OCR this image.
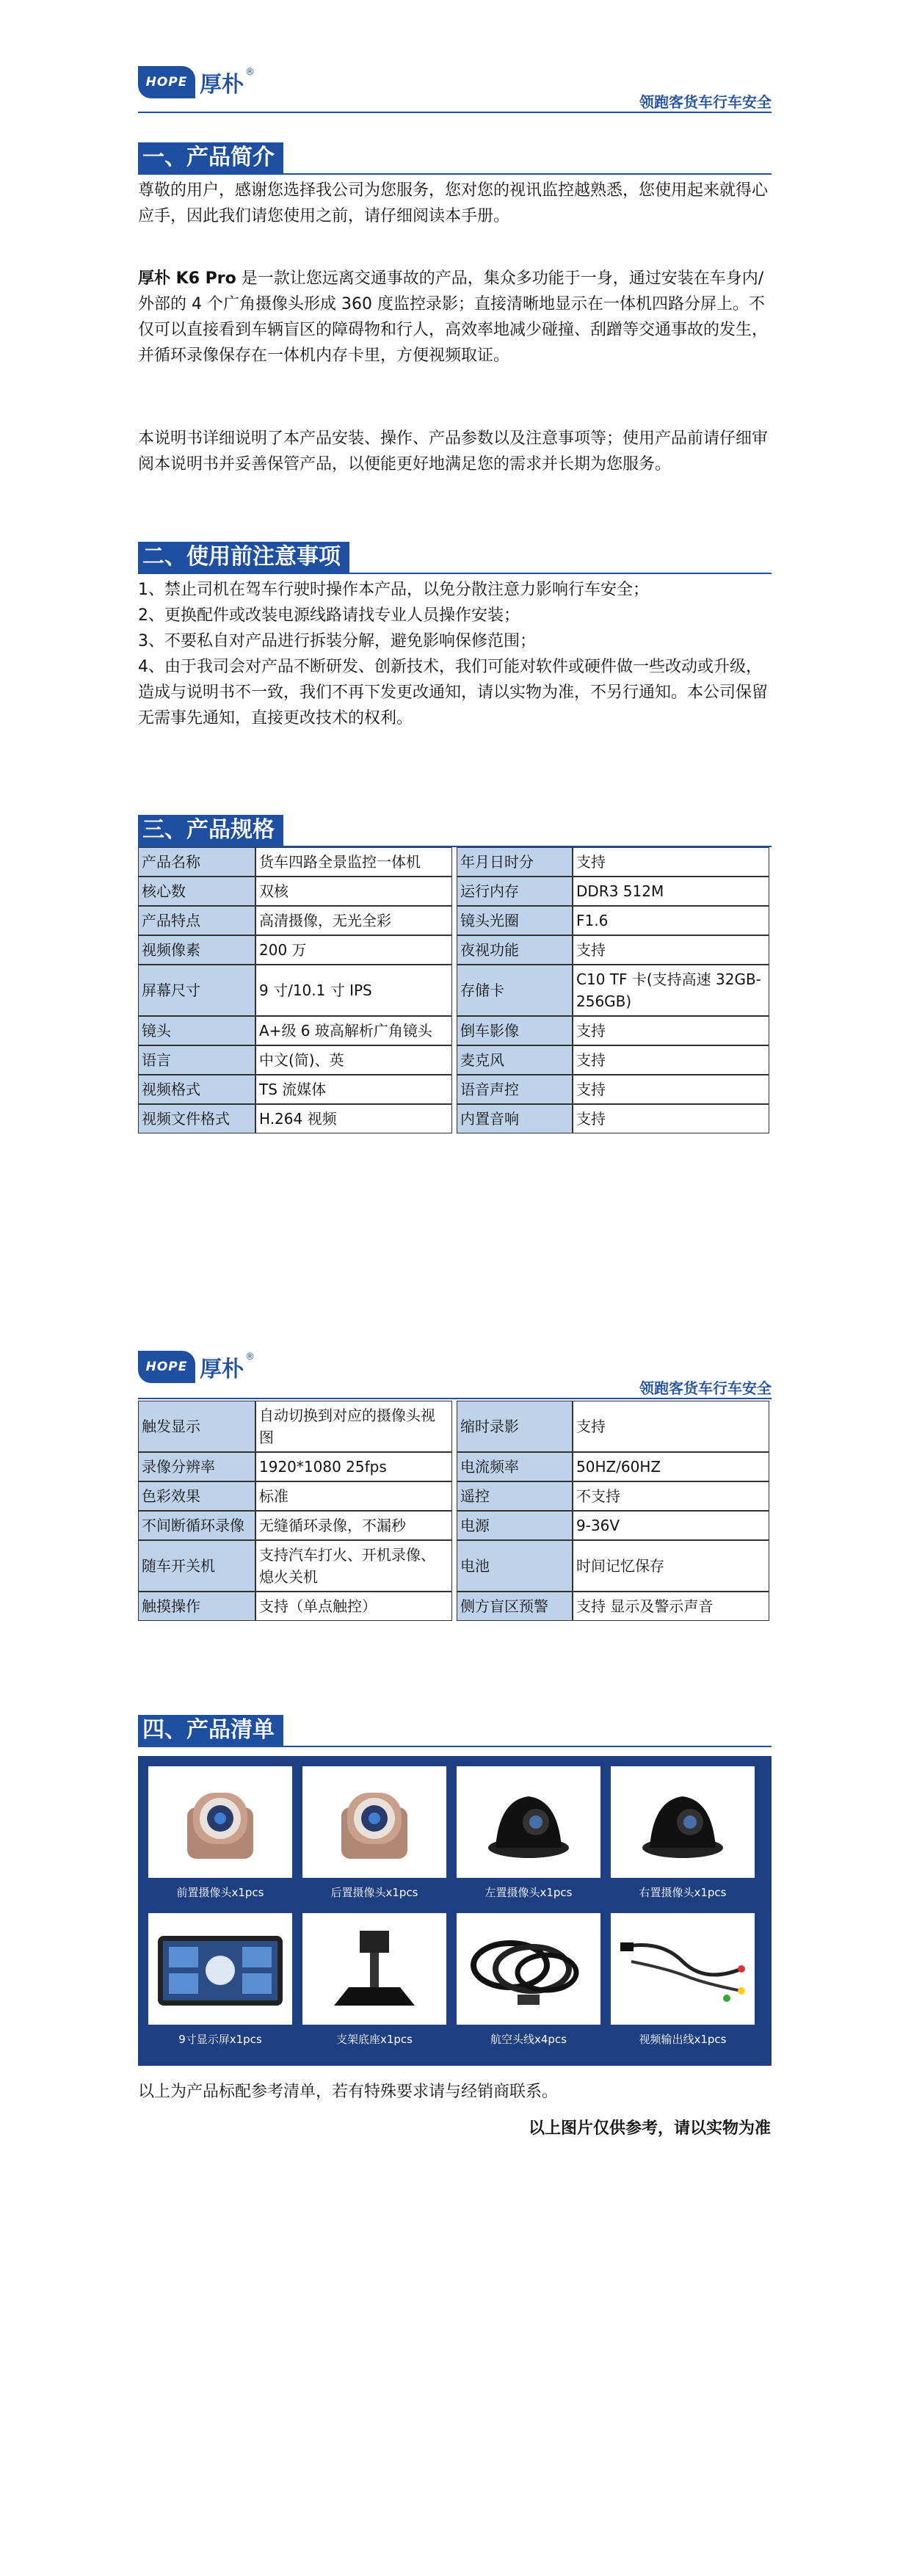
HOPE 厚朴 ®
领跑客货车行车安全
一、产品简介
尊敬的用户，感谢您选择我公司为您服务，您对您的视讯监控越熟悉，您使用起来就得心应手，因此我们请您使用之前，请仔细阅读本手册。
厚朴 K6 Pro 是一款让您远离交通事故的产品，集众多功能于一身，通过安装在车身内/外部的 4 个广角摄像头形成 360 度监控录影；直接清晰地显示在一体机四路分屏上。不仅可以直接看到车辆盲区的障碍物和行人，高效率地减少碰撞、刮蹭等交通事故的发生，并循环录像保存在一体机内存卡里，方便视频取证。
本说明书详细说明了本产品安装、操作、产品参数以及注意事项等；使用产品前请仔细审阅本说明书并妥善保管产品，以便能更好地满足您的需求并长期为您服务。
二、使用前注意事项
1、禁止司机在驾车行驶时操作本产品，以免分散注意力影响行车安全；
2、更换配件或改装电源线路请找专业人员操作安装；
3、不要私自对产品进行拆装分解，避免影响保修范围；
4、由于我司会对产品不断研发、创新技术，我们可能对软件或硬件做一些改动或升级，造成与说明书不一致，我们不再下发更改通知，请以实物为准，不另行通知。本公司保留无需事先通知，直接更改技术的权利。
三、产品规格
产品名称	货车四路全景监控一体机		年月日时分	支持
核心数	双核		运行内存	DDR3 512M
产品特点	高清摄像，无光全彩		镜头光圈	F1.6
视频像素	200 万		夜视功能	支持
屏幕尺寸	9 寸/10.1 寸 IPS		存储卡	C10 TF 卡(支持高速 32GB-256GB)
镜头	A+级 6 玻高解析广角镜头		倒车影像	支持
语言	中文(简)、英		麦克风	支持
视频格式	TS 流媒体		语音声控	支持
视频文件格式	H.264 视频		内置音响	支持
HOPE 厚朴 ®
领跑客货车行车安全
触发显示	自动切换到对应的摄像头视图		缩时录影	支持
录像分辨率	1920*1080 25fps		电流频率	50HZ/60HZ
色彩效果	标准		遥控	不支持
不间断循环录像	无缝循环录像，不漏秒		电源	9-36V
随车开关机	支持汽车打火、开机录像、熄火关机		电池	时间记忆保存
触摸操作	支持（单点触控）		侧方盲区预警	支持 显示及警示声音
四、产品清单
前置摄像头x1pcs	后置摄像头x1pcs	左置摄像头x1pcs	右置摄像头x1pcs
9寸显示屏x1pcs	支架底座x1pcs	航空头线x4pcs	视频输出线x1pcs
以上为产品标配参考清单，若有特殊要求请与经销商联系。
以上图片仅供参考，请以实物为准
